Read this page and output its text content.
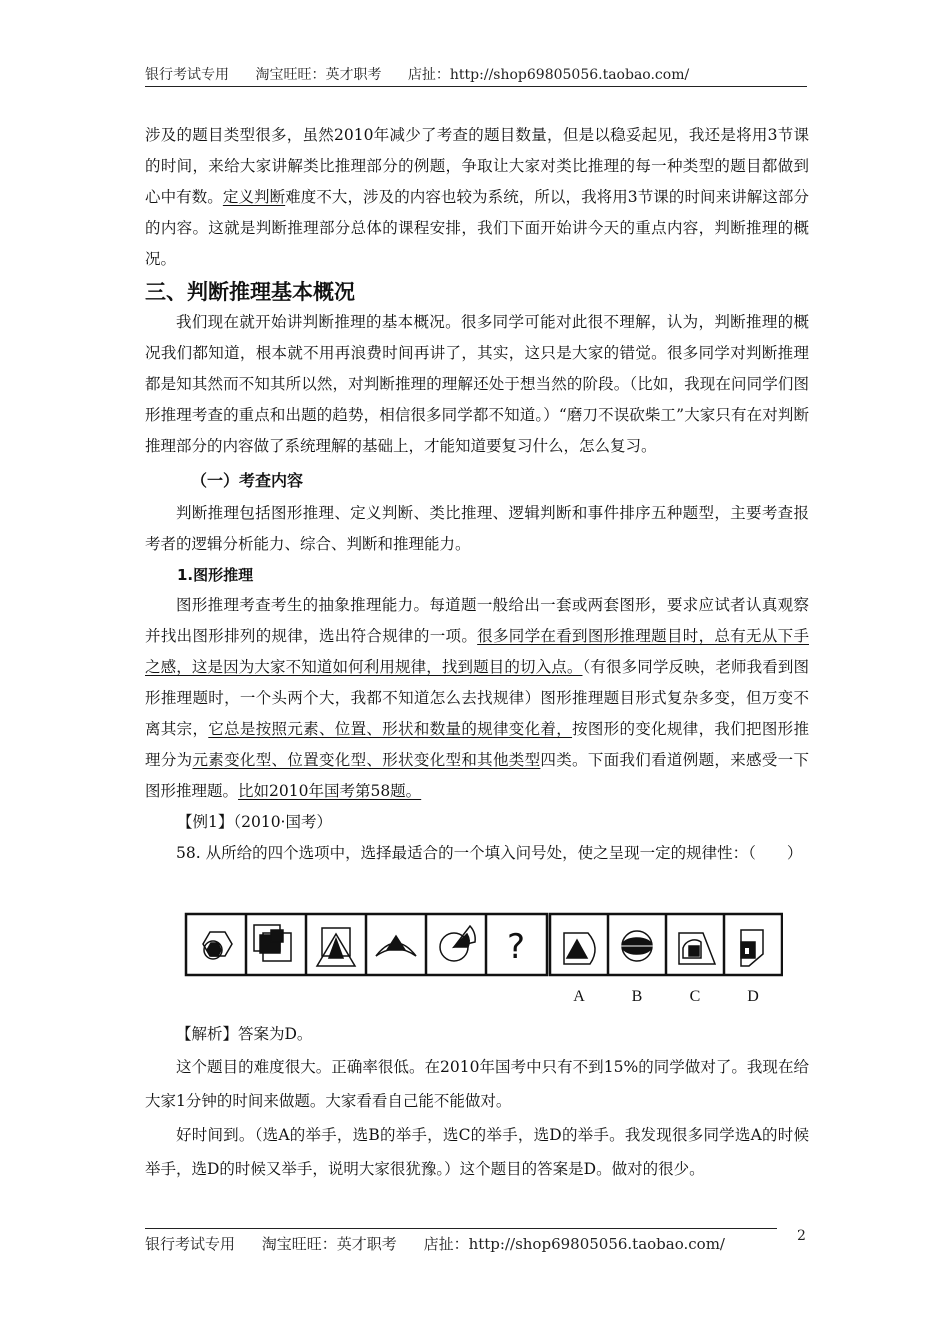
银行考试专用 淘宝旺旺：英才职考 店扯：http://shop69805056.taobao.com/

涉及的题目类型很多，虽然2010年减少了考查的题目数量，但是以稳妥起见，我还是将用3节课的时间，来给大家讲解类比推理部分的例题，争取让大家对类比推理的每一种类型的题目都做到心中有数。定义判断难度不大，涉及的内容也较为系统，所以，我将用3节课的时间来讲解这部分的内容。这就是判断推理部分总体的课程安排，我们下面开始讲今天的重点内容，判断推理的概况。

三、判断推理基本概况

我们现在就开始讲判断推理的基本概况。很多同学可能对此很不理解，认为，判断推理的概况我们都知道，根本就不用再浪费时间再讲了，其实，这只是大家的错觉。很多同学对判断推理都是知其然而不知其所以然，对判断推理的理解还处于想当然的阶段。（比如，我现在问同学们图形推理考查的重点和出题的趋势，相信很多同学都不知道。）“磨刀不误砍柴工”大家只有在对判断推理部分的内容做了系统理解的基础上，才能知道要复习什么，怎么复习。

（一）考查内容

判断推理包括图形推理、定义判断、类比推理、逻辑判断和事件排序五种题型，主要考查报考者的逻辑分析能力、综合、判断和推理能力。

1.图形推理

图形推理考查考生的抽象推理能力。每道题一般给出一套或两套图形，要求应试者认真观察并找出图形排列的规律，选出符合规律的一项。很多同学在看到图形推理题目时，总有无从下手之感，这是因为大家不知道如何利用规律，找到题目的切入点。（有很多同学反映，老师我看到图形推理题时，一个头两个大，我都不知道怎么去找规律）图形推理题目形式复杂多变，但万变不离其宗，它总是按照元素、位置、形状和数量的规律变化着，按图形的变化规律，我们把图形推理分为元素变化型、位置变化型、形状变化型和其他类型四类。下面我们看道例题，来感受一下图形推理题。比如2010年国考第58题。

【例1】（2010·国考）

58. 从所给的四个选项中，选择最适合的一个填入问号处，使之呈现一定的规律性：（　　）

【解析】答案为D。

这个题目的难度很大。正确率很低。在2010年国考中只有不到15%的同学做对了。我现在给大家1分钟的时间来做题。大家看看自己能不能做对。

好时间到。（选A的举手，选B的举手，选C的举手，选D的举手。我发现很多同学选A的时候举手，选D的时候又举手，说明大家很犹豫。）这个题目的答案是D。做对的很少。

?
A	B	C	D
银行考试专用 淘宝旺旺：英才职考 店扯：http://shop69805056.taobao.com/	2
